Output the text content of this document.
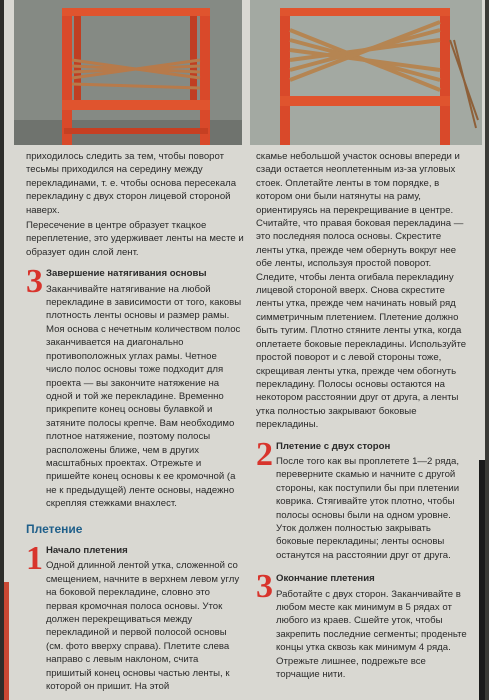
приходилось следить за тем, чтобы поворот тесьмы приходился на середину между перекладинами, т. е. чтобы основа пересекала перекладину с двух сторон лицевой стороной наверх.

Пересечение в центре образует ткацкое переплетение, это удерживает ленты на месте и образует один слой лент.

3 Завершение натягивания основы

Заканчивайте натягивание на любой перекладине в зависимости от того, каковы плотность ленты основы и размер рамы. Моя основа с нечетным количеством полос заканчивается на диагонально противоположных углах рамы. Четное число полос основы тоже подходит для проекта — вы закончите натяжение на одной и той же перекладине. Временно прикрепите конец основы булавкой и затяните полосы крепче. Вам необходимо плотное натяжение, поэтому полосы расположены ближе, чем в других масштабных проектах. Отрежьте и пришейте конец основы к ее кромочной (а не к предыдущей) ленте основы, надежно скрепляя стежками внахлест.

Плетение
1 Начало плетения

Одной длинной лентой утка, сложенной со смещением, начните в верхнем левом углу на боковой перекладине, словно это первая кромочная полоса основы. Уток должен перекрещиваться между перекладиной и первой полосой основы (см. фото вверху справа). Плетите слева направо с левым наклоном, счита пришитый конец основы частью ленты, к которой он пришит. На этой

скамье небольшой участок основы впереди и сзади остается неоплетенным из-за угловых стоек. Оплетайте ленты в том порядке, в котором они были натянуты на раму, ориентируясь на перекрещивание в центре. Считайте, что правая боковая перекладина — это последняя полоса основы. Скрестите ленты утка, прежде чем обернуть вокруг нее обе ленты, используя простой поворот. Следите, чтобы лента огибала перекладину лицевой стороной вверх. Снова скрестите ленты утка, прежде чем начинать новый ряд симметричным плетением. Плетение должно быть тугим. Плотно стяните ленты утка, когда оплетаете боковые перекладины. Используйте простой поворот и с левой стороны тоже, скрещивая ленты утка, прежде чем обогнуть перекладину. Полосы основы остаются на некотором расстоянии друг от друга, а ленты утка полностью закрывают боковые перекладины.

2 Плетение с двух сторон

После того как вы проплетете 1—2 ряда, переверните скамью и начните с другой стороны, как поступили бы при плетении коврика. Стягивайте уток плотно, чтобы полосы основы были на одном уровне. Уток должен полностью закрывать боковые перекладины; ленты основы останутся на расстоянии друг от друга.

3 Окончание плетения

Работайте с двух сторон. Заканчивайте в любом месте как минимум в 5 рядах от любого из краев. Сшейте уток, чтобы закрепить последние сегменты; проденьте концы утка сквозь как минимум 4 ряда. Отрежьте лишнее, подрежьте все торчащие нити.
